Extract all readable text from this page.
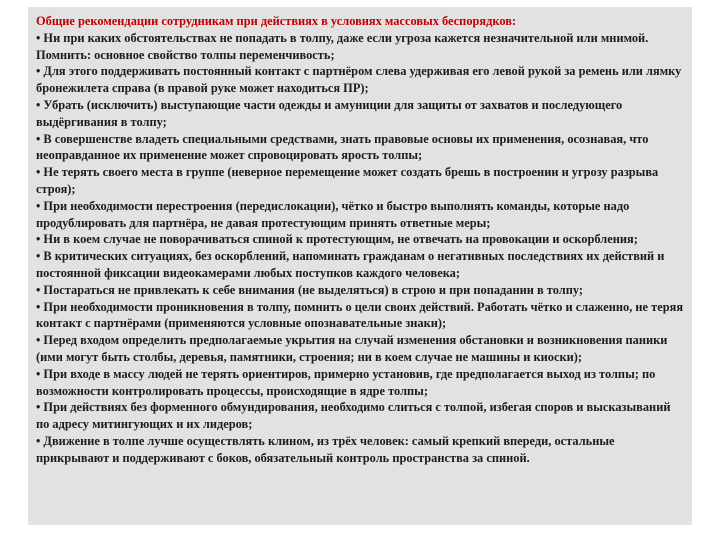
Общие рекомендации сотрудникам при действиях в условиях массовых беспорядков:

• Ни при каких обстоятельствах не попадать в толпу, даже если угроза кажется незначительной или мнимой. Помнить: основное свойство толпы переменчивость;

• Для этого поддерживать постоянный контакт с партнёром слева удерживая его левой рукой за ремень или лямку бронежилета справа (в правой руке может находиться ПР);

• Убрать (исключить) выступающие части одежды и амуниции для защиты от захватов и последующего выдёргивания в толпу;

• В совершенстве владеть специальными средствами, знать правовые основы их применения, осознавая, что неоправданное их применение может спровоцировать ярость толпы;

• Не терять своего места в группе (неверное перемещение может создать брешь в построении и угрозу разрыва строя);

• При необходимости перестроения (передислокации), чётко и быстро выполнять команды, которые надо продублировать для партнёра, не давая протестующим принять ответные меры;

• Ни в коем случае не поворачиваться спиной к протестующим, не отвечать на провокации и оскорбления;

• В критических ситуациях, без оскорблений, напоминать гражданам о негативных последствиях их действий и постоянной фиксации видеокамерами любых поступков каждого человека;

• Постараться не привлекать к себе внимания (не выделяться) в строю и при попадании в толпу;

• При необходимости проникновения в толпу, помнить о цели своих действий. Работать чётко и слаженно, не теряя контакт с партнёрами (применяются условные опознавательные знаки);

• Перед входом определить предполагаемые укрытия на случай изменения обстановки и возникновения паники (ими могут быть столбы, деревья, памятники, строения; ни в коем случае не машины и киоски);

• При входе в массу людей не терять ориентиров, примерно установив, где предполагается выход из толпы; по возможности контролировать процессы, происходящие в ядре толпы;

• При действиях без форменного обмундирования, необходимо слиться с толпой, избегая споров и высказываний по адресу митингующих и их лидеров;

• Движение в толпе лучше осуществлять клином, из трёх человек: самый крепкий впереди, остальные прикрывают и поддерживают с боков, обязательный контроль пространства за спиной.
